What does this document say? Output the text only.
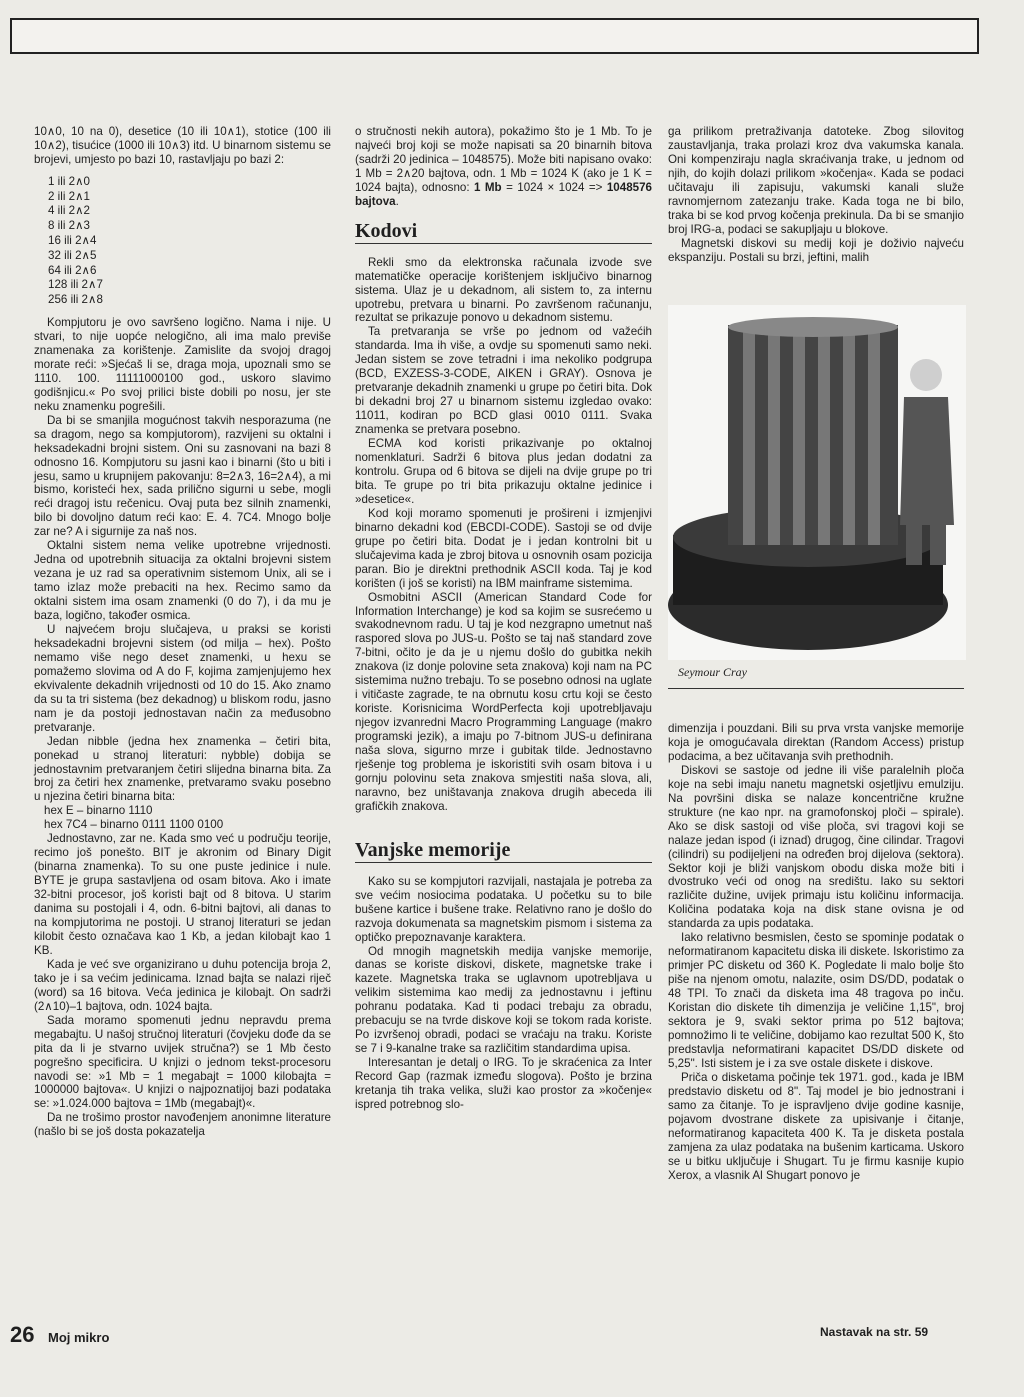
10∧0, 10 na 0), desetice (10 ili 10∧1), stotice (100 ili 10∧2), tisućice (1000 ili 10∧3) itd. U binarnom sistemu se brojevi, umjesto po bazi 10, rastavljaju po bazi 2:

1 ili 2∧0
2 ili 2∧1
4 ili 2∧2
8 ili 2∧3
16 ili 2∧4
32 ili 2∧5
64 ili 2∧6
128 ili 2∧7
256 ili 2∧8

Kompjutoru je ovo savršeno logično. Nama i nije. U stvari, to nije uopće nelogično, ali ima malo previše znamenaka za korištenje. Zamislite da svojoj dragoj morate reći: »Sjećaš li se, draga moja, upoznali smo se 1110. 100. 11111000100 god., uskoro slavimo godišnjicu.« Po svoj prilici biste dobili po nosu, jer ste neku znamenku pogrešili.

Da bi se smanjila mogućnost takvih nesporazuma (ne sa dragom, nego sa kompjutorom), razvijeni su oktalni i heksadekadni brojni sistem. Oni su zasnovani na bazi 8 odnosno 16. Kompjutoru su jasni kao i binarni (što u biti i jesu, samo u krupnijem pakovanju: 8=2∧3, 16=2∧4), a mi bismo, koristeći hex, sada prilično sigurni u sebe, mogli reći dragoj istu rečenicu. Ovaj puta bez silnih znamenki, bilo bi dovoljno datum reći kao: E. 4. 7C4. Mnogo bolje zar ne? A i sigurnije za naš nos.

Oktalni sistem nema velike upotrebne vrijednosti. Jedna od upotrebnih situacija za oktalni brojevni sistem vezana je uz rad sa operativnim sistemom Unix, ali se i tamo izlaz može prebaciti na hex. Recimo samo da oktalni sistem ima osam znamenki (0 do 7), i da mu je baza, logično, također osmica.

U najvećem broju slučajeva, u praksi se koristi heksadekadni brojevni sistem (od milja – hex). Pošto nemamo više nego deset znamenki, u hexu se pomažemo slovima od A do F, kojima zamjenjujemo hex ekvivalente dekadnih vrijednosti od 10 do 15. Ako znamo da su ta tri sistema (bez dekadnog) u bliskom rodu, jasno nam je da postoji jednostavan način za međusobno pretvaranje.

Jedan nibble (jedna hex znamenka – četiri bita, ponekad u stranoj literaturi: nybble) dobija se jednostavnim pretvaranjem četiri slijedna binarna bita. Za broj za četiri hex znamenke, pretvaramo svaku posebno u njezina četiri binarna bita:

hex E – binarno 1110

hex 7C4 – binarno 0111 1100 0100

Jednostavno, zar ne. Kada smo već u području teorije, recimo još ponešto. BIT je akronim od Binary Digit (binarna znamenka). To su one puste jedinice i nule. BYTE je grupa sastavljena od osam bitova. Ako i imate 32-bitni procesor, još koristi bajt od 8 bitova. U starim danima su postojali i 4, odn. 6-bitni bajtovi, ali danas to na kompjutorima ne postoji. U stranoj literaturi se jedan kilobit često označava kao 1 Kb, a jedan kilobajt kao 1 KB.

Kada je već sve organizirano u duhu potencija broja 2, tako je i sa većim jedinicama. Iznad bajta se nalazi riječ (word) sa 16 bitova. Veća jedinica je kilobajt. On sadrži (2∧10)–1 bajtova, odn. 1024 bajta.

Sada moramo spomenuti jednu nepravdu prema megabajtu. U našoj stručnoj literaturi (čovjeku dođe da se pita da li je stvarno uvijek stručna?) se 1 Mb često pogrešno specificira. U knjizi o jednom tekst-procesoru navodi se: »1 Mb = 1 megabajt = 1000 kilobajta = 1000000 bajtova«. U knjizi o najpoznatijoj bazi podataka se: »1.024.000 bajtova = 1Mb (megabajt)«.

Da ne trošimo prostor navođenjem anonimne literature (našlo bi se još dosta pokazatelja

o stručnosti nekih autora), pokažimo što je 1 Mb. To je najveći broj koji se može napisati sa 20 binarnih bitova (sadrži 20 jedinica – 1048575). Može biti napisano ovako: 1 Mb = 2∧20 bajtova, odn. 1 Mb = 1024 K (ako je 1 K = 1024 bajta), odnosno: 1 Mb = 1024 × 1024 => 1048576 bajtova.

Kodovi

Rekli smo da elektronska računala izvode sve matematičke operacije korištenjem isključivo binarnog sistema. Ulaz je u dekadnom, ali sistem to, za internu upotrebu, pretvara u binarni. Po završenom računanju, rezultat se prikazuje ponovo u dekadnom sistemu.

Ta pretvaranja se vrše po jednom od važećih standarda. Ima ih više, a ovdje su spomenuti samo neki. Jedan sistem se zove tetradni i ima nekoliko podgrupa (BCD, EXZESS-3-CODE, AIKEN i GRAY). Osnova je pretvaranje dekadnih znamenki u grupe po četiri bita. Dok bi dekadni broj 27 u binarnom sistemu izgledao ovako: 11011, kodiran po BCD glasi 0010 0111. Svaka znamenka se pretvara posebno.

ECMA kod koristi prikazivanje po oktalnoj nomenklaturi. Sadrži 6 bitova plus jedan dodatni za kontrolu. Grupa od 6 bitova se dijeli na dvije grupe po tri bita. Te grupe po tri bita prikazuju oktalne jedinice i »desetice«.

Kod koji moramo spomenuti je prošireni i izmjenjivi binarno dekadni kod (EBCDI-CODE). Sastoji se od dvije grupe po četiri bita. Dodat je i jedan kontrolni bit u slučajevima kada je zbroj bitova u osnovnih osam pozicija paran. Bio je direktni prethodnik ASCII koda. Taj je kod korišten (i još se koristi) na IBM mainframe sistemima.

Osmobitni ASCII (American Standard Code for Information Interchange) je kod sa kojim se susrećemo u svakodnevnom radu. U taj je kod nezgrapno umetnut naš raspored slova po JUS-u. Pošto se taj naš standard zove 7-bitni, očito je da je u njemu došlo do gubitka nekih znakova (iz donje polovine seta znakova) koji nam na PC sistemima nužno trebaju. To se posebno odnosi na uglate i vitičaste zagrade, te na obrnutu kosu crtu koji se često koriste. Korisnicima WordPerfecta koji upotrebljavaju njegov izvanredni Macro Programming Language (makro programski jezik), a imaju po 7-bitnom JUS-u definirana naša slova, sigurno mrze i gubitak tilde. Jednostavno rješenje tog problema je iskoristiti svih osam bitova i u gornju polovinu seta znakova smjestiti naša slova, ali, naravno, bez uništavanja znakova drugih abeceda ili grafičkih znakova.

Vanjske memorije

Kako su se kompjutori razvijali, nastajala je potreba za sve većim nosiocima podataka. U početku su to bile bušene kartice i bušene trake. Relativno rano je došlo do razvoja dokumenata sa magnetskim pismom i sistema za optičko prepoznavanje karaktera.

Od mnogih magnetskih medija vanjske memorije, danas se koriste diskovi, diskete, magnetske trake i kazete. Magnetska traka se uglavnom upotrebljava u velikim sistemima kao medij za jednostavnu i jeftinu pohranu podataka. Kad ti podaci trebaju za obradu, prebacuju se na tvrde diskove koji se tokom rada koriste. Po izvršenoj obradi, podaci se vraćaju na traku. Koriste se 7 i 9-kanalne trake sa različitim standardima upisa.

Interesantan je detalj o IRG. To je skraćenica za Inter Record Gap (razmak između slogova). Pošto je brzina kretanja tih traka velika, služi kao prostor za »kočenje« ispred potrebnog slo-

ga prilikom pretraživanja datoteke. Zbog silovitog zaustavljanja, traka prolazi kroz dva vakumska kanala. Oni kompenziraju nagla skraćivanja trake, u jednom od njih, do kojih dolazi prilikom »kočenja«. Kada se podaci učitavaju ili zapisuju, vakumski kanali služe ravnomjernom zatezanju trake. Kada toga ne bi bilo, traka bi se kod prvog kočenja prekinula. Da bi se smanjio broj IRG-a, podaci se sakupljaju u blokove.

Magnetski diskovi su medij koji je doživio najveću ekspanziju. Postali su brzi, jeftini, malih

Seymour Cray

dimenzija i pouzdani. Bili su prva vrsta vanjske memorije koja je omogućavala direktan (Random Access) pristup podacima, a bez učitavanja svih prethodnih.

Diskovi se sastoje od jedne ili više paralelnih ploča koje na sebi imaju nanetu magnetski osjetljivu emulziju. Na površini diska se nalaze koncentrične kružne strukture (ne kao npr. na gramofonskoj ploči – spirale). Ako se disk sastoji od više ploča, svi tragovi koji se nalaze jedan ispod (i iznad) drugog, čine cilindar. Tragovi (cilindri) su podijeljeni na određen broj dijelova (sektora). Sektor koji je bliži vanjskom obodu diska može biti i dvostruko veći od onog na središtu. Iako su sektori različite dužine, uvijek primaju istu količinu informacija. Količina podataka koja na disk stane ovisna je od standarda za upis podataka.

Iako relativno besmislen, često se spominje podatak o neformatiranom kapacitetu diska ili diskete. Iskoristimo za primjer PC disketu od 360 K. Pogledate li malo bolje što piše na njenom omotu, nalazite, osim DS/DD, podatak o 48 TPI. To znači da disketa ima 48 tragova po inču. Koristan dio diskete tih dimenzija je veličine 1,15", broj sektora je 9, svaki sektor prima po 512 bajtova; pomnožimo li te veličine, dobijamo kao rezultat 500 K, što predstavlja neformatirani kapacitet DS/DD diskete od 5,25". Isti sistem je i za sve ostale diskete i diskove.

Priča o disketama počinje tek 1971. god., kada je IBM predstavio disketu od 8". Taj model je bio jednostrani i samo za čitanje. To je ispravljeno dvije godine kasnije, pojavom dvostrane diskete za upisivanje i čitanje, neformatiranog kapaciteta 400 K. Ta je disketa postala zamjena za ulaz podataka na bušenim karticama. Uskoro se u bitku uključuje i Shugart. Tu je firmu kasnije kupio Xerox, a vlasnik Al Shugart ponovo je

Nastavak na str. 59
26 Moj mikro
